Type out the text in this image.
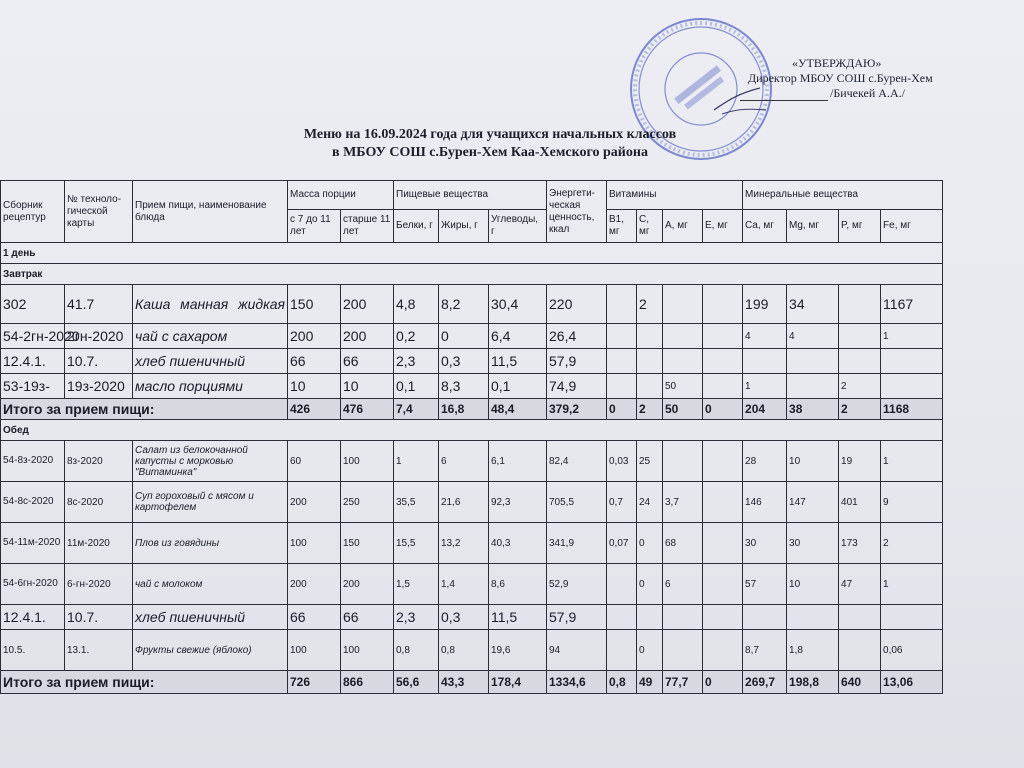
«УТВЕРЖДАЮ»
Директор МБОУ СОШ с.Бурен-Хем
/Бичекей А.А./
Меню на 16.09.2024 года для учащихся начальных классов
в МБОУ СОШ с.Бурен-Хем Каа-Хемского района
Сборник рецептур	№ техноло-гической карты	Прием пищи, наименование блюда	Масса порции		Пищевые вещества			Энергети-ческая ценность, ккал	Витамины				Минеральные вещества			
			с 7 до 11 лет	старше 11 лет	Белки, г	Жиры, г	Углеводы, г		B1, мг	C, мг	A, мг	E, мг	Ca, мг	Mg, мг	P, мг	Fe, мг
1 день																
Завтрак																
302	41.7	Каша манная жидкая	150	200	4,8	8,2	30,4	220		2			199	34		1167
54-2гн-2020	2гн-2020	чай с сахаром	200	200	0,2	0	6,4	26,4					4	4		1
12.4.1.	10.7.	хлеб пшеничный	66	66	2,3	0,3	11,5	57,9								
53-19з-	19з-2020	масло порциями	10	10	0,1	8,3	0,1	74,9			50		1		2	
Итого за прием пищи:			426	476	7,4	16,8	48,4	379,2	0	2	50	0	204	38	2	1168
Обед																
54-8з-2020	8з-2020	Салат из белокочанной капусты с морковью "Витаминка"	60	100	1	6	6,1	82,4	0,03	25			28	10	19	1
54-8с-2020	8с-2020	Суп гороховый с мясом и картофелем	200	250	35,5	21,6	92,3	705,5	0,7	24	3,7		146	147	401	9
54-11м-2020	11м-2020	Плов из говядины	100	150	15,5	13,2	40,3	341,9	0,07	0	68		30	30	173	2
54-6гн-2020	6-гн-2020	чай с молоком	200	200	1,5	1,4	8,6	52,9		0	6		57	10	47	1
12.4.1.	10.7.	хлеб пшеничный	66	66	2,3	0,3	11,5	57,9								
10.5.	13.1.	Фрукты свежие (яблоко)	100	100	0,8	0,8	19,6	94		0			8,7	1,8		0,06
Итого за прием пищи:			726	866	56,6	43,3	178,4	1334,6	0,8	49	77,7	0	269,7	198,8	640	13,06
